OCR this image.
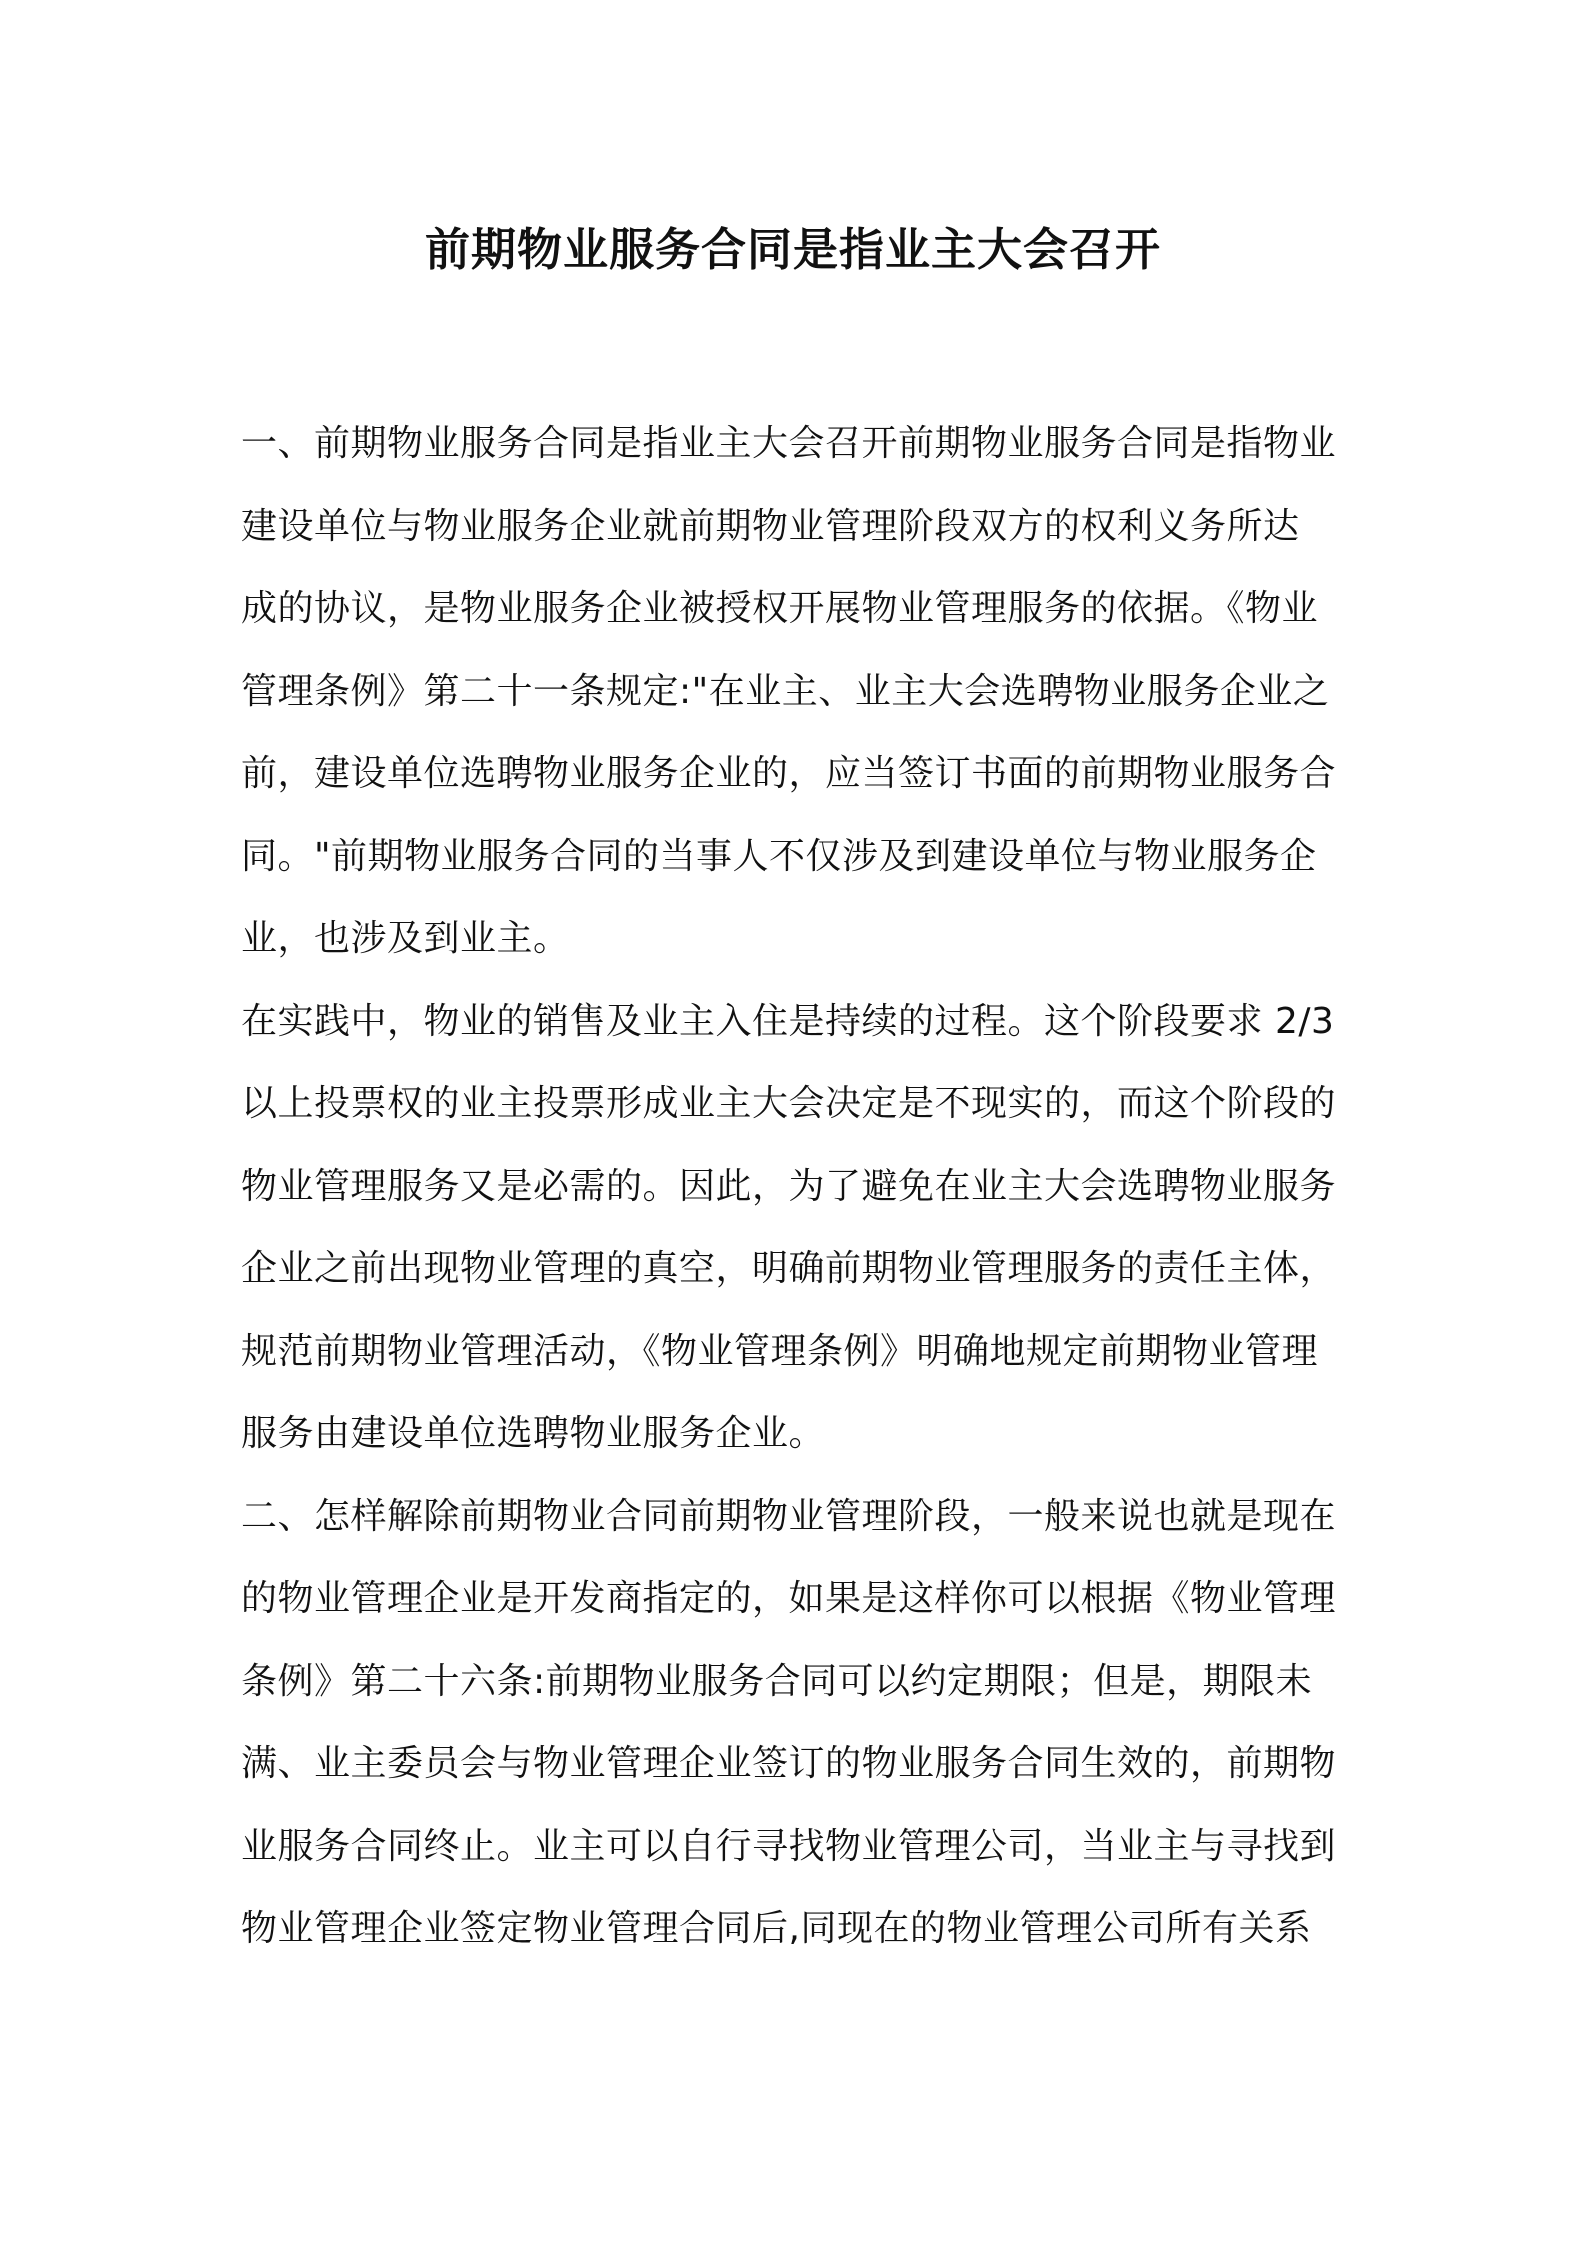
前期物业服务合同是指业主大会召开

一、前期物业服务合同是指业主大会召开前期物业服务合同是指物业
建设单位与物业服务企业就前期物业管理阶段双方的权利义务所达
成的协议，是物业服务企业被授权开展物业管理服务的依据。《物业
管理条例》第二十一条规定:"在业主、业主大会选聘物业服务企业之
前，建设单位选聘物业服务企业的，应当签订书面的前期物业服务合
同。"前期物业服务合同的当事人不仅涉及到建设单位与物业服务企
业，也涉及到业主。

在实践中，物业的销售及业主入住是持续的过程。这个阶段要求 2/3
以上投票权的业主投票形成业主大会决定是不现实的，而这个阶段的
物业管理服务又是必需的。因此，为了避免在业主大会选聘物业服务
企业之前出现物业管理的真空，明确前期物业管理服务的责任主体，
规范前期物业管理活动，《物业管理条例》明确地规定前期物业管理
服务由建设单位选聘物业服务企业。

二、怎样解除前期物业合同前期物业管理阶段，一般来说也就是现在
的物业管理企业是开发商指定的，如果是这样你可以根据《物业管理
条例》第二十六条:前期物业服务合同可以约定期限；但是，期限未
满、业主委员会与物业管理企业签订的物业服务合同生效的，前期物
业服务合同终止。业主可以自行寻找物业管理公司，当业主与寻找到
物业管理企业签定物业管理合同后,同现在的物业管理公司所有关系
